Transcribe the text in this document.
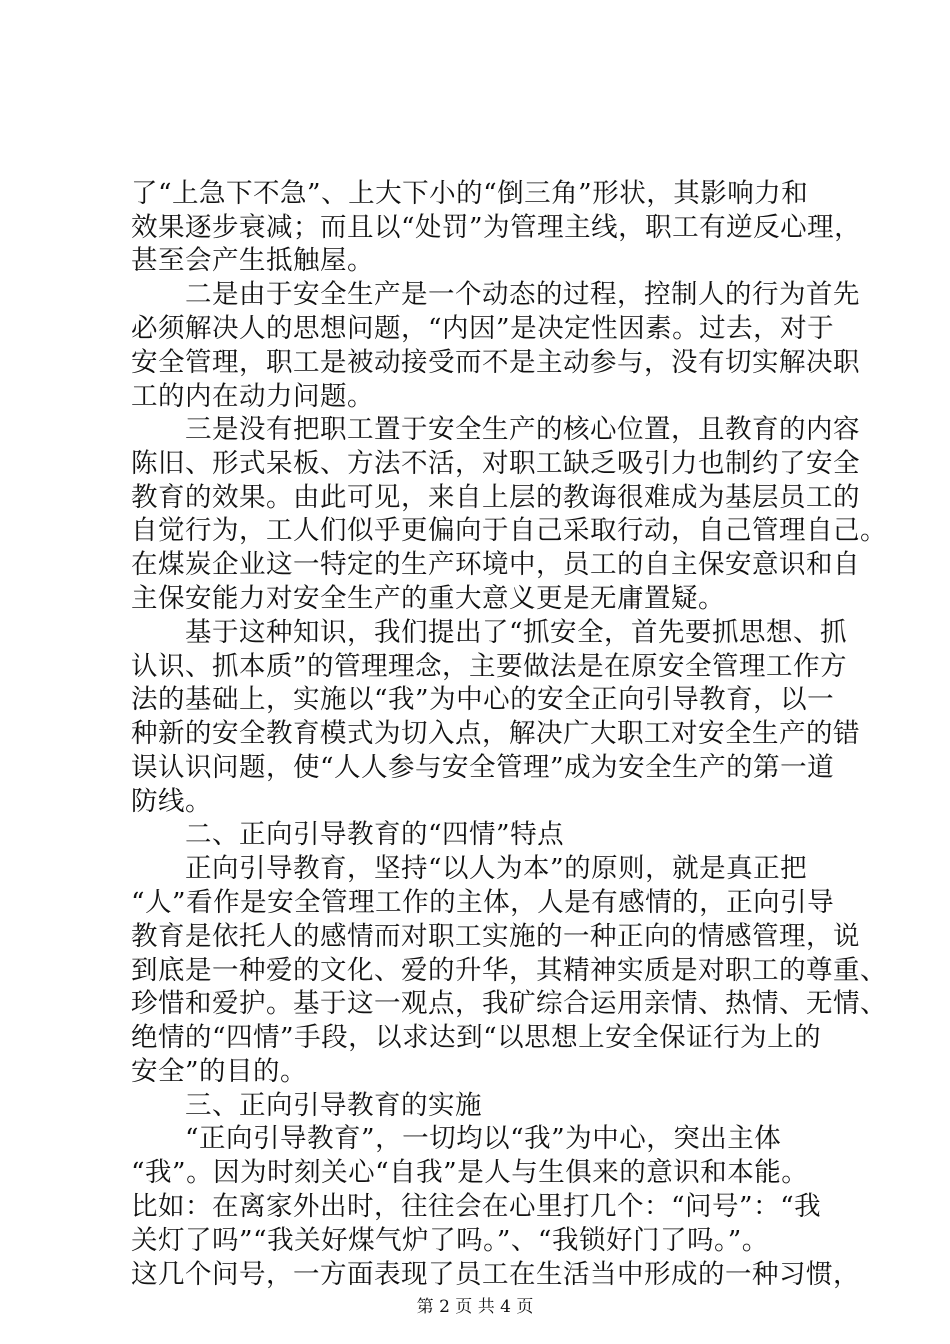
了“上急下不急”、上大下小的“倒三角”形状，其影响力和
效果逐步衰减；而且以“处罚”为管理主线，职工有逆反心理，
甚至会产生抵触屋。
　　二是由于安全生产是一个动态的过程，控制人的行为首先
必须解决人的思想问题，“内因”是决定性因素。过去，对于
安全管理，职工是被动接受而不是主动参与，没有切实解决职
工的内在动力问题。
　　三是没有把职工置于安全生产的核心位置，且教育的内容
陈旧、形式呆板、方法不活，对职工缺乏吸引力也制约了安全
教育的效果。由此可见，来自上层的教诲很难成为基层员工的
自觉行为，工人们似乎更偏向于自己采取行动，自己管理自己。
在煤炭企业这一特定的生产环境中，员工的自主保安意识和自
主保安能力对安全生产的重大意义更是无庸置疑。
　　基于这种知识，我们提出了“抓安全，首先要抓思想、抓
认识、抓本质”的管理理念，主要做法是在原安全管理工作方
法的基础上，实施以“我”为中心的安全正向引导教育，以一
种新的安全教育模式为切入点，解决广大职工对安全生产的错
误认识问题，使“人人参与安全管理”成为安全生产的第一道
防线。
　　二、正向引导教育的“四情”特点
　　正向引导教育，坚持“以人为本”的原则，就是真正把
“人”看作是安全管理工作的主体，人是有感情的，正向引导
教育是依托人的感情而对职工实施的一种正向的情感管理，说
到底是一种爱的文化、爱的升华，其精神实质是对职工的尊重、
珍惜和爱护。基于这一观点，我矿综合运用亲情、热情、无情、
绝情的“四情”手段，以求达到“以思想上安全保证行为上的
安全”的目的。
　　三、正向引导教育的实施
　　“正向引导教育”，一切均以“我”为中心，突出主体
“我”。因为时刻关心“自我”是人与生俱来的意识和本能。
比如：在离家外出时，往往会在心里打几个：“问号”：“我
关灯了吗”“我关好煤气炉了吗。”、“我锁好门了吗。”。
这几个问号，一方面表现了员工在生活当中形成的一种习惯，
第 2 页 共 4 页
